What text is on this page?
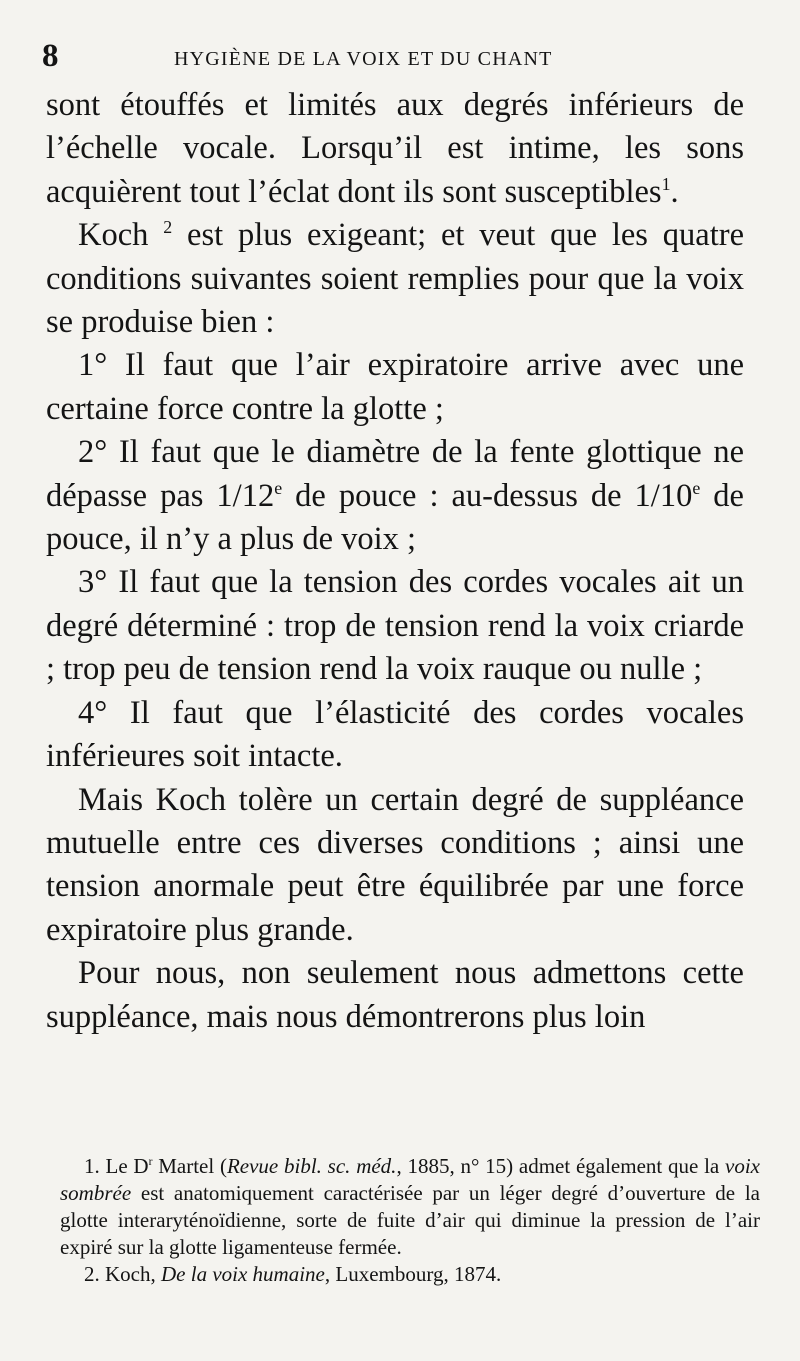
8	HYGIÈNE DE LA VOIX ET DU CHANT

sont étouffés et limités aux degrés inférieurs de l’échelle vocale. Lorsqu’il est intime, les sons acquièrent tout l’éclat dont ils sont susceptibles$^1$.

Koch $^2$ est plus exigeant; et veut que les quatre conditions suivantes soient remplies pour que la voix se produise bien :

1° Il faut que l’air expiratoire arrive avec une certaine force contre la glotte ;

2° Il faut que le diamètre de la fente glottique ne dépasse pas 1/12e de pouce : au-dessus de 1/10e de pouce, il n’y a plus de voix ;

3° Il faut que la tension des cordes vocales ait un degré déterminé : trop de tension rend la voix criarde ; trop peu de tension rend la voix rauque ou nulle ;

4° Il faut que l’élasticité des cordes vocales inférieures soit intacte.

Mais Koch tolère un certain degré de suppléance mutuelle entre ces diverses conditions ; ainsi une tension anormale peut être équilibrée par une force expiratoire plus grande.

Pour nous, non seulement nous admettons cette suppléance, mais nous démontrerons plus loin

1. Le $D^r$ Martel (Revue bibl. sc. méd., 1885, n° 15) admet également que la voix sombrée est anatomiquement caractérisée par un léger degré d’ouverture de la glotte interaryténoïdienne, sorte de fuite d’air qui diminue la pression de l’air expiré sur la glotte ligamenteuse fermée.

2. Koch, De la voix humaine, Luxembourg, 1874.
